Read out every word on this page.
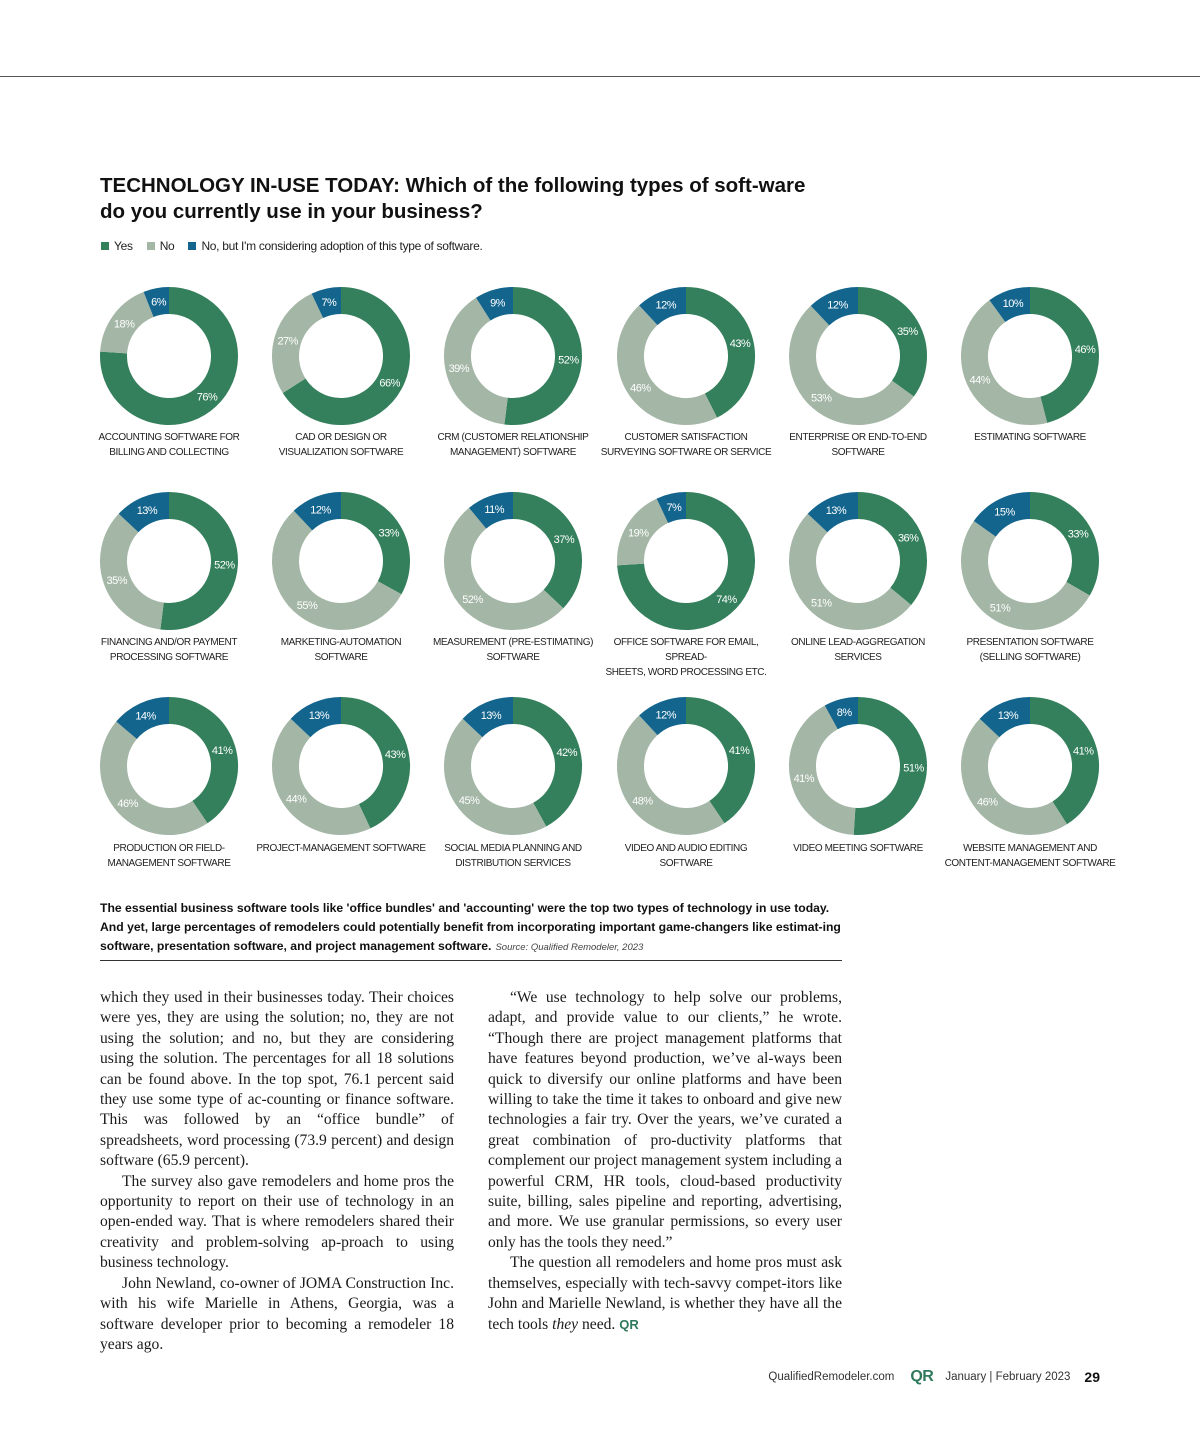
TECHNOLOGY IN-USE TODAY: Which of the following types of soft-ware do you currently use in your business?
Yes No No, but I'm considering adoption of this type of software.
76%
18%
6%
66%
27%
7%
52%
39%
9%
43%
46%
12%
35%
53%
12%
46%
44%
10%
52%
35%
13%
33%
55%
12%
37%
52%
11%
74%
19%
7%
36%
51%
13%
33%
51%
15%
41%
46%
14%
43%
44%
13%
42%
45%
13%
41%
48%
12%
51%
41%
8%
41%
46%
13%
ACCOUNTING SOFTWARE FOR
BILLING AND COLLECTING
CAD OR DESIGN OR
VISUALIZATION SOFTWARE
CRM (CUSTOMER RELATIONSHIP
MANAGEMENT) SOFTWARE
CUSTOMER SATISFACTION
SURVEYING SOFTWARE OR SERVICE
ENTERPRISE OR END-TO-END
SOFTWARE
ESTIMATING SOFTWARE
FINANCING AND/OR PAYMENT
PROCESSING SOFTWARE
MARKETING-AUTOMATION
SOFTWARE
MEASUREMENT (PRE-ESTIMATING)
SOFTWARE
OFFICE SOFTWARE FOR EMAIL, SPREAD-
SHEETS, WORD PROCESSING ETC.
ONLINE LEAD-AGGREGATION
SERVICES
PRESENTATION SOFTWARE
(SELLING SOFTWARE)
PRODUCTION OR FIELD-
MANAGEMENT SOFTWARE
PROJECT-MANAGEMENT SOFTWARE	SOCIAL MEDIA PLANNING AND
DISTRIBUTION SERVICES
VIDEO AND AUDIO EDITING
SOFTWARE
VIDEO MEETING SOFTWARE	WEBSITE MANAGEMENT AND
CONTENT-MANAGEMENT SOFTWARE
The essential business software tools like 'office bundles' and 'accounting' were the top two types of technology in use today. And yet, large percentages of remodelers could potentially benefit from incorporating important game-changers like estimat-ing software, presentation software, and project management software. Source: Qualified Remodeler, 2023

which they used in their businesses today. Their choices were yes, they are using the solution; no, they are not using the solution; and no, but they are considering using the solution. The percentages for all 18 solutions can be found above. In the top spot, 76.1 percent said they use some type of ac-counting or finance software. This was followed by an “office bundle” of spreadsheets, word processing (73.9 percent) and design software (65.9 percent).

The survey also gave remodelers and home pros the opportunity to report on their use of technology in an open-ended way. That is where remodelers shared their creativity and problem-solving ap-proach to using business technology.

John Newland, co-owner of JOMA Construction Inc. with his wife Marielle in Athens, Georgia, was a software developer prior to becoming a remodeler 18 years ago.

“We use technology to help solve our problems, adapt, and provide value to our clients,” he wrote. “Though there are project management platforms that have features beyond production, we’ve al-ways been quick to diversify our online platforms and have been willing to take the time it takes to onboard and give new technologies a fair try. Over the years, we’ve curated a great combination of pro-ductivity platforms that complement our project management system including a powerful CRM, HR tools, cloud-based productivity suite, billing, sales pipeline and reporting, advertising, and more. We use granular permissions, so every user only has the tools they need.”

The question all remodelers and home pros must ask themselves, especially with tech-savvy compet-itors like John and Marielle Newland, is whether they have all the tech tools they need. QR

QualifiedRemodeler.com QR January | February 2023 29
